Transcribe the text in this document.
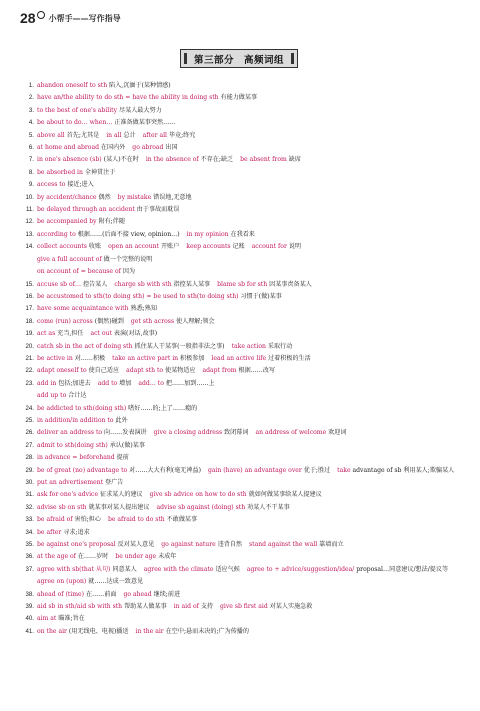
28 小帮手——写作指导
第三部分　高频词组
1. abandon oneself to sth 陷入,沉湎于(某种情感)
2. have an/the ability to do sth = have the ability in doing sth 有能力做某事
3. to the best of one's ability 尽某人最大努力
4. be about to do… when… 正准备做某事突然……
5. above all 首先;尤其是 in all 总计 after all 毕竟;终究
6. at home and abroad 在国内外 go abroad 出国
7. in one's absence (sb) (某人)不在时 in the absence of 不存在;缺乏 be absent from 缺席
8. be absorbed in 全神贯注于
9. access to 接近;进入
10. by accident/chance 偶然 by mistake 错误地,无意地
11. be delayed through an accident 由于事故而耽误
12. be accompanied by 附有;伴随
13. according to 根据……(后面不接 view, opinion…) in my opinion 在我看来
14. collect accounts 收账 open an account 开账户 keep accounts 记账 account for 说明
give a full account of 做一个完整的说明
on account of = because of 因为
15. accuse sb of… 控告某人 charge sb with sth 指控某人某事 blame sb for sth 因某事责备某人
16. be accustomed to sth(to doing sth) = be used to sth(to doing sth) 习惯于(做)某事
17. have some acquaintance with 熟悉;熟知
18. come (run) across (偶然)碰到 get sth across 使人理解;领会
19. act as 充当,担任 act out 表演(对话,故事)
20. catch sb in the act of doing sth 抓住某人干某事(一般指非法之事) take action 采取行动
21. be active in 对……积极 take an active part in 积极参加 lead an active life 过着积极的生活
22. adapt oneself to 使自己适应 adapt sth to 使某物适应 adapt from 根据……改写
23. add in 包括;加进去 add to 增加 add… to 把……加到……上
add up to 合计达
24. be addicted to sth(doing sth) 嗜好……的;上了……瘾的
25. in addition/in addition to 此外
26. deliver an address to 向……发表演讲 give a closing address 致闭幕词 an address of welcome 欢迎词
27. admit to sth(doing sth) 承认(做)某事
28. in advance = beforehand 提前
29. be of great (no) advantage to 对……大大有利(毫无裨益) gain (have) an advantage over 优于;胜过 take advantage of sb 利用某人;欺骗某人
30. put an advertisement 登广告
31. ask for one's advice 征求某人的建议 give sb advice on how to do sth 就如何做某事给某人提建议
32. advise sb on sth 就某事对某人提出建议 advise sb against (doing) sth 劝某人不干某事
33. be afraid of 害怕;担心 be afraid to do sth 不敢做某事
34. be after 寻求;追求
35. be against one's proposal 反对某人意见 go against nature 违背自然 stand against the wall 靠墙而立
36. at the age of 在……岁时 be under age 未成年
37. agree with sb(that 从句) 同意某人 agree with the climate 适应气候 agree to + advice/suggestion/idea/ proposal…同意建议/想法/提议等
agree on (upon) 就……达成一致意见
38. ahead of (time) 在……前面 go ahead 继续;前进
39. aid sb in sth/aid sb with sth 帮助某人做某事 in aid of 支持 give sb first aid 对某人实施急救
40. aim at 瞄准;旨在
41. on the air (用无线电、电视)播送 in the air 在空中;悬而未决的;广为传播的
